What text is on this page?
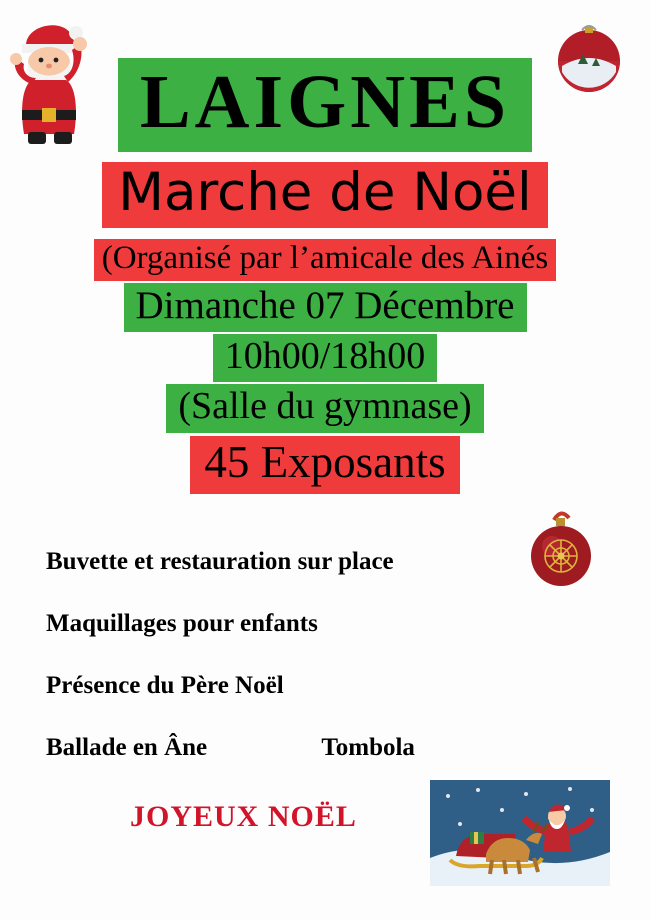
LAIGNES
Marche de Noël
(Organisé par l’amicale des Ainés
Dimanche 07 Décembre
10h00/18h00
(Salle du gymnase)
45 Exposants
Buvette et restauration sur place
Maquillages pour enfants
Présence du Père Noël
Ballade en Âne	Tombola
JOYEUX NOËL
